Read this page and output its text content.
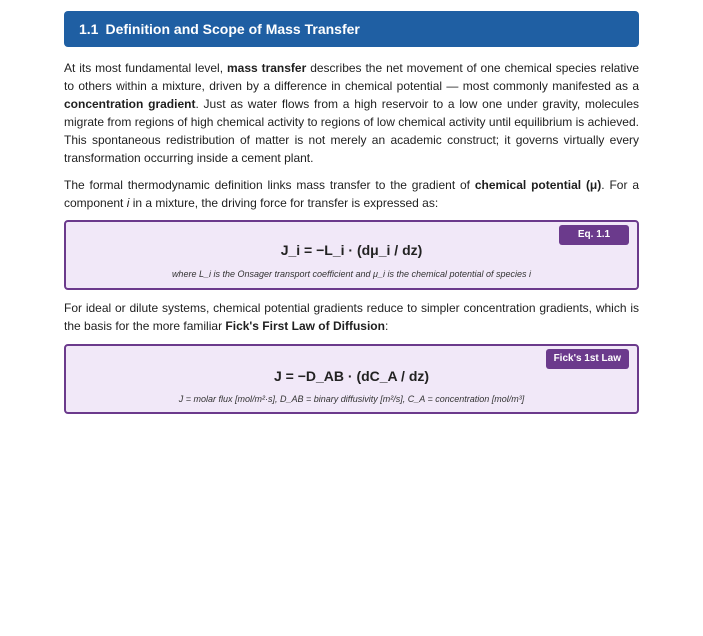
1.1 Definition and Scope of Mass Transfer

At its most fundamental level, mass transfer describes the net movement of one chemical species relative to others within a mixture, driven by a difference in chemical potential — most commonly manifested as a concentration gradient. Just as water flows from a high reservoir to a low one under gravity, molecules migrate from regions of high chemical activity to regions of low chemical activity until equilibrium is achieved. This spontaneous redistribution of matter is not merely an academic construct; it governs virtually every transformation occurring inside a cement plant.

The formal thermodynamic definition links mass transfer to the gradient of chemical potential (μ). For a component i in a mixture, the driving force for transfer is expressed as:

Eq. 1.1
J_i = −L_i · (dμ_i / dz)
where L_i is the Onsager transport coefficient and μ_i is the chemical potential of species i

For ideal or dilute systems, chemical potential gradients reduce to simpler concentration gradients, which is the basis for the more familiar Fick's First Law of Diffusion:

Fick's 1st Law
J = −D_AB · (dC_A / dz)
J = molar flux [mol/m²·s], D_AB = binary diffusivity [m²/s], C_A = concentration [mol/m³]
